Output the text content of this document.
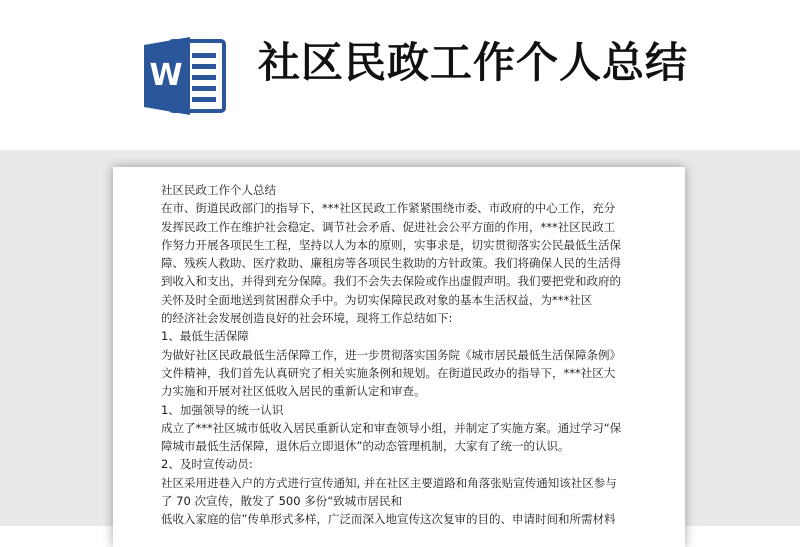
W 社区民政工作个人总结

社区民政工作个人总结

在市、街道民政部门的指导下，***社区民政工作紧紧围绕市委、市政府的中心工作，充分

发挥民政工作在维护社会稳定、调节社会矛盾、促进社会公平方面的作用，***社区民政工

作努力开展各项民生工程，坚持以人为本的原则，实事求是，切实贯彻落实公民最低生活保

障、残疾人救助、医疗救助、廉租房等各项民生救助的方针政策。我们将确保人民的生活得

到收入和支出，并得到充分保障。我们不会失去保险或作出虚假声明。我们要把党和政府的

关怀及时全面地送到贫困群众手中。为切实保障民政对象的基本生活权益，为***社区

的经济社会发展创造良好的社会环境，现将工作总结如下:

1、最低生活保障

为做好社区民政最低生活保障工作，进一步贯彻落实国务院《城市居民最低生活保障条例》

文件精神，我们首先认真研究了相关实施条例和规划。在街道民政办的指导下，***社区大

力实施和开展对社区低收入居民的重新认定和审查。

1、加强领导的统一认识

成立了***社区城市低收入居民重新认定和审查领导小组，并制定了实施方案。通过学习“保

障城市最低生活保障，退休后立即退休”的动态管理机制，大家有了统一的认识。

2、及时宣传动员:

社区采用进巷入户的方式进行宣传通知, 并在社区主要道路和角落张贴宣传通知该社区参与

了 70 次宣传，散发了 500 多份“致城市居民和

低收入家庭的信”传单形式多样，广泛而深入地宣传这次复审的目的、申请时间和所需材料
